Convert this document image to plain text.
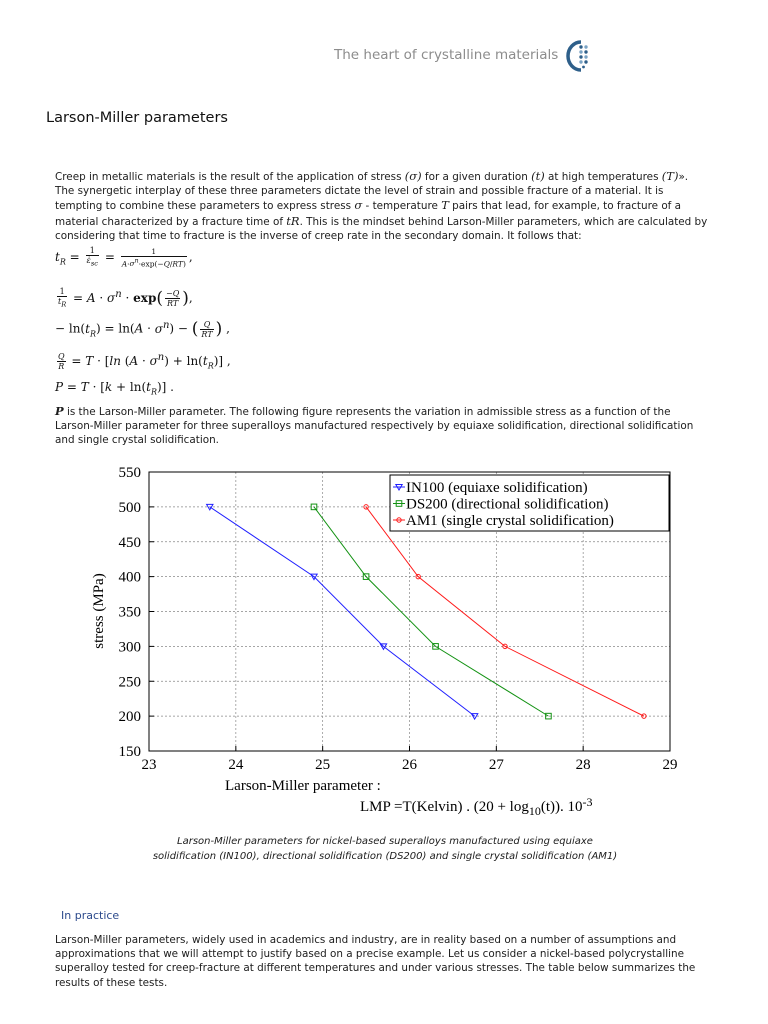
The heart of crystalline materials
Larson-Miller parameters

Creep in metallic materials is the result of the application of stress (σ) for a given duration (t) at high temperatures (T)». The synergetic interplay of these three parameters dictate the level of strain and possible fracture of a material. It is tempting to combine these parameters to express stress σ - temperature T pairs that lead, for example, to fracture of a material characterized by a fracture time of tR. This is the mindset behind Larson-Miller parameters, which are calculated by considering that time to fracture is the inverse of creep rate in the secondary domain. It follows that:

$t_R = \frac{1}{\varepsiloṅ_{sc}} = \frac{1}{A\cdot\sigma^n\cdot\exp(-Q/RT)}$ ,
$\frac{1}{t_R} = A \cdot \sigma^n \cdot \exp( \frac{-Q}{RT}$ ),
− $\ln(t_R) = \ln(A \cdot \sigma^n)$ − ( $\frac{Q}{RT}$ ) ,
$\frac{Q}{R} = T \cdot [\ln$ $(A \cdot \sigma^n) + \ln(t_R)$] ,
$P = T \cdot [k + \ln(t_R)]$ .

P is the Larson-Miller parameter. The following figure represents the variation in admissible stress as a function of the Larson-Miller parameter for three superalloys manufactured respectively by equiaxe solidification, directional solidification and single crystal solidification.

23	24	25	26	27	28	29
150
200
250
300
350
400
450
500
550
Larson-Miller parameter :
stress (MPa)
LMP =T(Kelvin) . (20 + log10(t)). 10-3
IN100 (equiaxe solidification)
DS200 (directional solidification)
AM1 (single crystal solidification)

Larson-Miller parameters for nickel-based superalloys manufactured using equiaxe solidification (IN100), directional solidification (DS200) and single crystal solidification (AM1)

In practice

Larson-Miller parameters, widely used in academics and industry, are in reality based on a number of assumptions and approximations that we will attempt to justify based on a precise example. Let us consider a nickel-based polycrystalline superalloy tested for creep-fracture at different temperatures and under various stresses. The table below summarizes the results of these tests.
